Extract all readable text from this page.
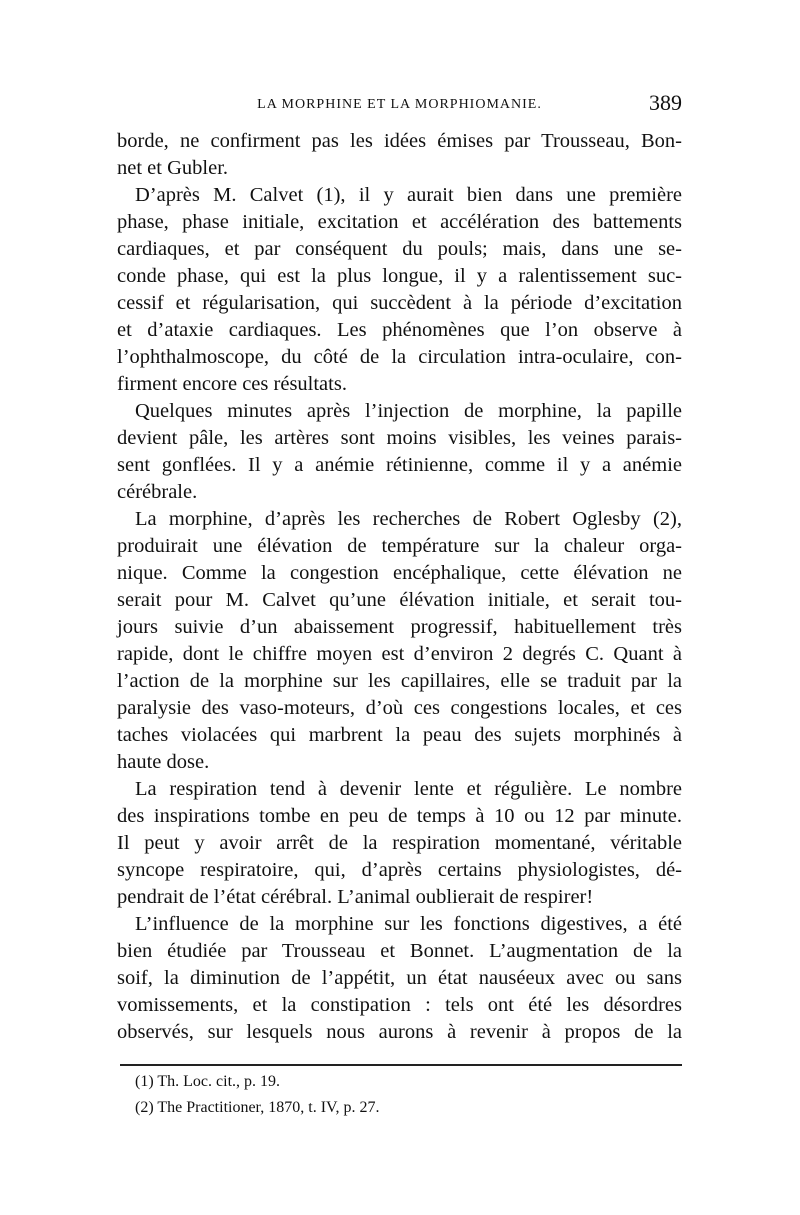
LA MORPHINE ET LA MORPHIOMANIE.	389
borde, ne confirment pas les idées émises par Trousseau, Bon-
net et Gubler.
D’après M. Calvet (1), il y aurait bien dans une première
phase, phase initiale, excitation et accélération des battements
cardiaques, et par conséquent du pouls; mais, dans une se-
conde phase, qui est la plus longue, il y a ralentissement suc-
cessif et régularisation, qui succèdent à la période d’excitation
et d’ataxie cardiaques. Les phénomènes que l’on observe à
l’ophthalmoscope, du côté de la circulation intra-oculaire, con-
firment encore ces résultats.
Quelques minutes après l’injection de morphine, la papille
devient pâle, les artères sont moins visibles, les veines parais-
sent gonflées. Il y a anémie rétinienne, comme il y a anémie
cérébrale.
La morphine, d’après les recherches de Robert Oglesby (2),
produirait une élévation de température sur la chaleur orga-
nique. Comme la congestion encéphalique, cette élévation ne
serait pour M. Calvet qu’une élévation initiale, et serait tou-
jours suivie d’un abaissement progressif, habituellement très
rapide, dont le chiffre moyen est d’environ 2 degrés C. Quant à
l’action de la morphine sur les capillaires, elle se traduit par la
paralysie des vaso-moteurs, d’où ces congestions locales, et ces
taches violacées qui marbrent la peau des sujets morphinés à
haute dose.
La respiration tend à devenir lente et régulière. Le nombre
des inspirations tombe en peu de temps à 10 ou 12 par minute.
Il peut y avoir arrêt de la respiration momentané, véritable
syncope respiratoire, qui, d’après certains physiologistes, dé-
pendrait de l’état cérébral. L’animal oublierait de respirer!
L’influence de la morphine sur les fonctions digestives, a été
bien étudiée par Trousseau et Bonnet. L’augmentation de la
soif, la diminution de l’appétit, un état nauséeux avec ou sans
vomissements, et la constipation : tels ont été les désordres
observés, sur lesquels nous aurons à revenir à propos de la
(1) Th. Loc. cit., p. 19.
(2) The Practitioner, 1870, t. IV, p. 27.
